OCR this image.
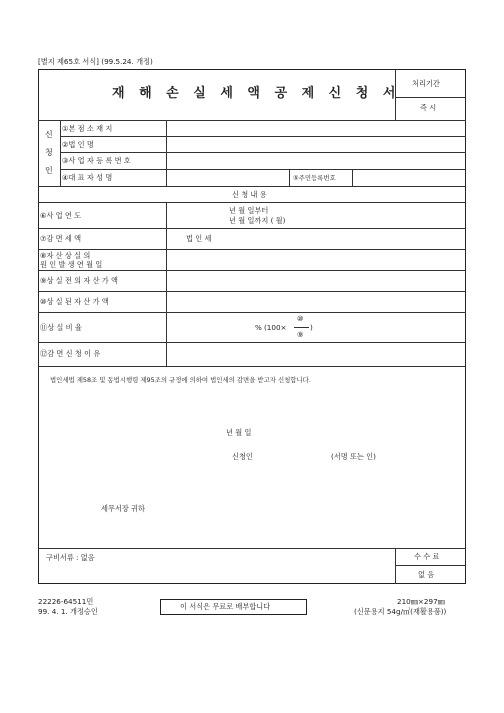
[별지 제65호 서식] (99.5.24. 개정)
재 해 손 실 세 액 공 제 신 청 서
처리기간
즉 시
신
청
인
①본 점 소 재 지
②법 인 명
③사 업 자 등 록 번 호
④대 표 자 성 명	⑤주민등록번호
신 청 내 용
⑥사 업 연 도
년 월 일부터
년 월 일까지 ( 월)
⑦감 면 세 액	법 인 세
⑧자 산 상 실 의
원 인 발 생 연 월 일
⑨상 실 전 의 자 산 가 액
⑩상 실 된 자 산 가 액
⑪상 실 비 율	% (100×
⑩
⑨
)
⑫감 면 신 청 이 유
법인세법 제58조 및 동법시행령 제95조의 규정에 의하여 법인세의 감면을 받고자 신청합니다.
년 월 일
신청인	(서명 또는 인)
세무서장 귀하
구비서류 : 없음	수 수 료
없 음
22226-64511민
99. 4. 1. 개정승인
이 서식은 무료로 배부합니다
210㎜×297㎜
(신문용지 54g/㎡(재활용품))
